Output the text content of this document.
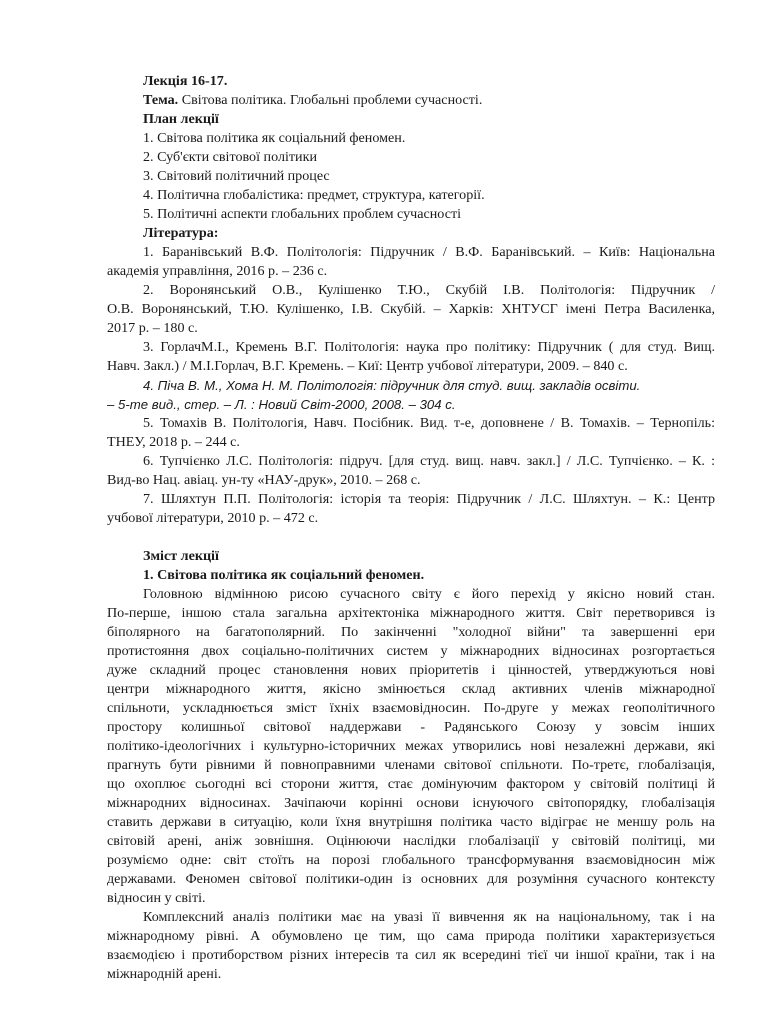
Лекція 16-17.
Тема. Світова політика. Глобальні проблеми сучасності.
План лекції
1. Світова політика як соціальний феномен.
2. Суб'єкти світової політики
3. Світовий політичний процес
4. Політична глобалістика: предмет, структура, категорії.
5. Політичні аспекти глобальних проблем сучасності
Література:
1. Баранівський В.Ф. Політологія: Підручник / В.Ф. Баранівський. – Київ: Національна
академія управління, 2016 р. – 236 с.
2. Воронянський О.В., Кулішенко Т.Ю., Скубій І.В. Політологія: Підручник /
О.В. Воронянський, Т.Ю. Кулішенко, І.В. Скубій. – Харків: ХНТУСГ імені Петра Василенка,
2017 р. – 180 с.
3. ГорлачМ.І., Кремень В.Г. Політологія: наука про політику: Підручник ( для студ. Вищ.
Навч. Закл.) / М.І.Горлач, В.Г. Кремень. – Киї: Центр учбової літератури, 2009. – 840 с.
4. Піча В. М., Хома Н. М. Політологія: підручник для студ. вищ. закладів освіти.
– 5-те вид., стер. – Л. : Новий Світ-2000, 2008. – 304 с.
5. Томахів В. Політологія, Навч. Посібник. Вид. т-е, доповнене / В. Томахів. – Тернопіль:
ТНЕУ, 2018 р. – 244 с.
6. Тупчієнко Л.С. Політологія: підруч. [для студ. вищ. навч. закл.] / Л.С. Тупчієнко. – К. :
Вид-во Нац. авіац. ун-ту «НАУ-друк», 2010. – 268 с.
7. Шляхтун П.П. Політологія: історія та теорія: Підручник / Л.С. Шляхтун. – К.: Центр
учбової літератури, 2010 р. – 472 с.
Зміст лекції
1. Світова політика як соціальний феномен.
Головною відмінною рисою сучасного світу є його перехід у якісно новий стан.
По-перше, іншою стала загальна архітектоніка міжнародного життя. Світ перетворився із
біполярного на багатополярний. По закінченні "холодної війни" та завершенні ери
протистояння двох соціально-політичних систем у міжнародних відносинах розгортається
дуже складний процес становлення нових пріоритетів і цінностей, утверджуються нові
центри міжнародного життя, якісно змінюється склад активних членів міжнародної
спільноти, ускладнюється зміст їхніх взаємовідносин. По-друге у межах геополітичного
простору колишньої світової наддержави - Радянського Союзу у зовсім інших
політико-ідеологічних і культурно-історичних межах утворились нові незалежні держави, які
прагнуть бути рівними й повноправними членами світової спільноти. По-третє, глобалізація,
що охоплює сьогодні всі сторони життя, стає домінуючим фактором у світовій політиці й
міжнародних відносинах. Зачіпаючи корінні основи існуючого світопорядку, глобалізація
ставить держави в ситуацію, коли їхня внутрішня політика часто відіграє не меншу роль на
світовій арені, аніж зовнішня. Оцінюючи наслідки глобалізації у світовій політиці, ми
розуміємо одне: світ стоїть на порозі глобального трансформування взаємовідносин між
державами. Феномен світової політики-один із основних для розуміння сучасного контексту
відносин у світі.
Комплексний аналіз політики має на увазі її вивчення як на національному, так і на
міжнародному рівні. А обумовлено це тим, що сама природа політики характеризується
взаємодією і протиборством різних інтересів та сил як всередині тієї чи іншої країни, так і на
міжнародній арені.
